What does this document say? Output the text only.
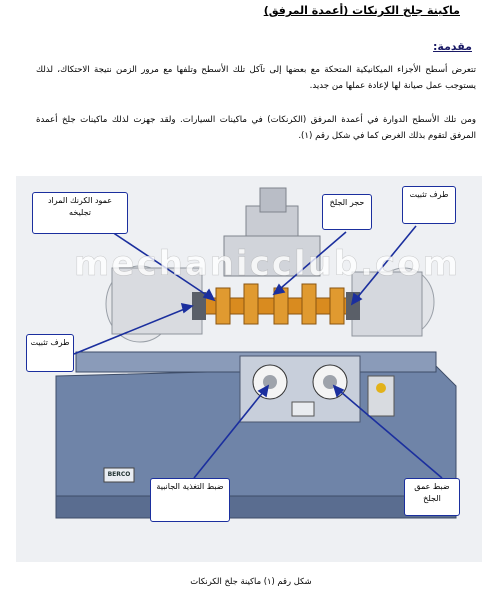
ماكينة جلخ الكرنكات (أعمدة المرفق)
مقدمة:
تتعرض أسطح الأجزاء الميكانيكية المتحكة مع بعضها إلى تآكل تلك الأسطح وتلفها مع مرور الزمن نتيجة الاحتكاك، لذلك يستوجب عمل صيانة لها لإعادة عملها من جديد.
ومن تلك الأسطح الدوارة في أعمدة المرفق (الكرنكات) في ماكينات السيارات. ولقد جهزت لذلك ماكينات جلخ أعمدة المرفق لتقوم بذلك الغرض كما في شكل رقم (١).
mechanicclub.com
BERCO
عمود الكرنك المراد تجليخه
حجر الجلخ
طرف تثبيت
طرف تثبيت
ضبط التغذية الجانبية	ضبط عمق الجلخ
شكل رقم (١) ماكينة جلخ الكرنكات
